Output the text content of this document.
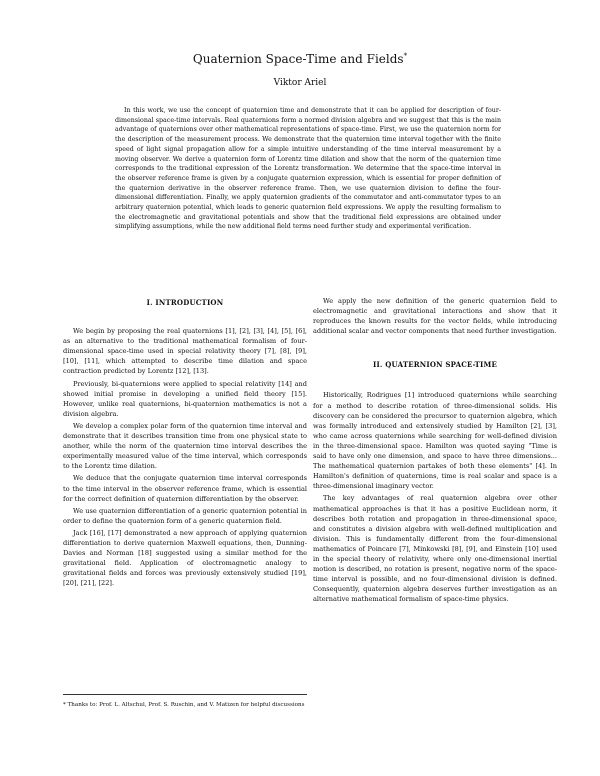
Quaternion Space-Time and Fields*
Viktor Ariel

In this work, we use the concept of quaternion time and demonstrate that it can be applied for description of four-dimensional space-time intervals. Real quaternions form a normed division algebra and we suggest that this is the main advantage of quaternions over other mathematical representations of space-time. First, we use the quaternion norm for the description of the measurement process. We demonstrate that the quaternion time interval together with the finite speed of light signal propagation allow for a simple intuitive understanding of the time interval measurement by a moving observer. We derive a quaternion form of Lorentz time dilation and show that the norm of the quaternion time corresponds to the traditional expression of the Lorentz transformation. We determine that the space-time interval in the observer reference frame is given by a conjugate quaternion expression, which is essential for proper definition of the quaternion derivative in the observer reference frame. Then, we use quaternion division to define the four-dimensional differentiation. Finally, we apply quaternion gradients of the commutator and anti-commutator types to an arbitrary quaternion potential, which leads to generic quaternion field expressions. We apply the resulting formalism to the electromagnetic and gravitational potentials and show that the traditional field expressions are obtained under simplifying assumptions, while the new additional field terms need further study and experimental verification.

I. INTRODUCTION

We begin by proposing the real quaternions [1], [2], [3], [4], [5], [6], as an alternative to the traditional mathematical formalism of four-dimensional space-time used in special relativity theory [7], [8], [9], [10], [11], which attempted to describe time dilation and space contraction predicted by Lorentz [12], [13].

Previously, bi-quaternions were applied to special relativity [14] and showed initial promise in developing a unified field theory [15]. However, unlike real quaternions, bi-quaternion mathematics is not a division algebra.

We develop a complex polar form of the quaternion time interval and demonstrate that it describes transition time from one physical state to another, while the norm of the quaternion time interval describes the experimentally measured value of the time interval, which corresponds to the Lorentz time dilation.

We deduce that the conjugate quaternion time interval corresponds to the time interval in the observer reference frame, which is essential for the correct definition of quaternion differentiation by the observer.

We use quaternion differentiation of a generic quaternion potential in order to define the quaternion form of a generic quaternion field.

Jack [16], [17] demonstrated a new approach of applying quaternion differentiation to derive quaternion Maxwell equations, then, Dunning-Davies and Norman [18] suggested using a similar method for the gravitational field. Application of electromagnetic analogy to gravitational fields and forces was previously extensively studied [19], [20], [21], [22].

We apply the new definition of the generic quaternion field to electromagnetic and gravitational interactions and show that it reproduces the known results for the vector fields, while introducing additional scalar and vector components that need further investigation.

II. QUATERNION SPACE-TIME

Historically, Rodrigues [1] introduced quaternions while searching for a method to describe rotation of three-dimensional solids. His discovery can be considered the precursor to quaternion algebra, which was formally introduced and extensively studied by Hamilton [2], [3], who came across quaternions while searching for well-defined division in the three-dimensional space. Hamilton was quoted saying "Time is said to have only one dimension, and space to have three dimensions... The mathematical quaternion partakes of both these elements" [4]. In Hamilton's definition of quaternions, time is real scalar and space is a three-dimensional imaginary vector.

The key advantages of real quaternion algebra over other mathematical approaches is that it has a positive Euclidean norm, it describes both rotation and propagation in three-dimensional space, and constitutes a division algebra with well-defined multiplication and division. This is fundamentally different from the four-dimensional mathematics of Poincare [7], Minkowski [8], [9], and Einstein [10] used in the special theory of relativity, where only one-dimensional inertial motion is described, no rotation is present, negative norm of the space-time interval is possible, and no four-dimensional division is defined. Consequently, quaternion algebra deserves further investigation as an alternative mathematical formalism of space-time physics.

* Thanks to: Prof. L. Altschul, Prof. S. Ruschin, and V. Matizen for helpful discussions
